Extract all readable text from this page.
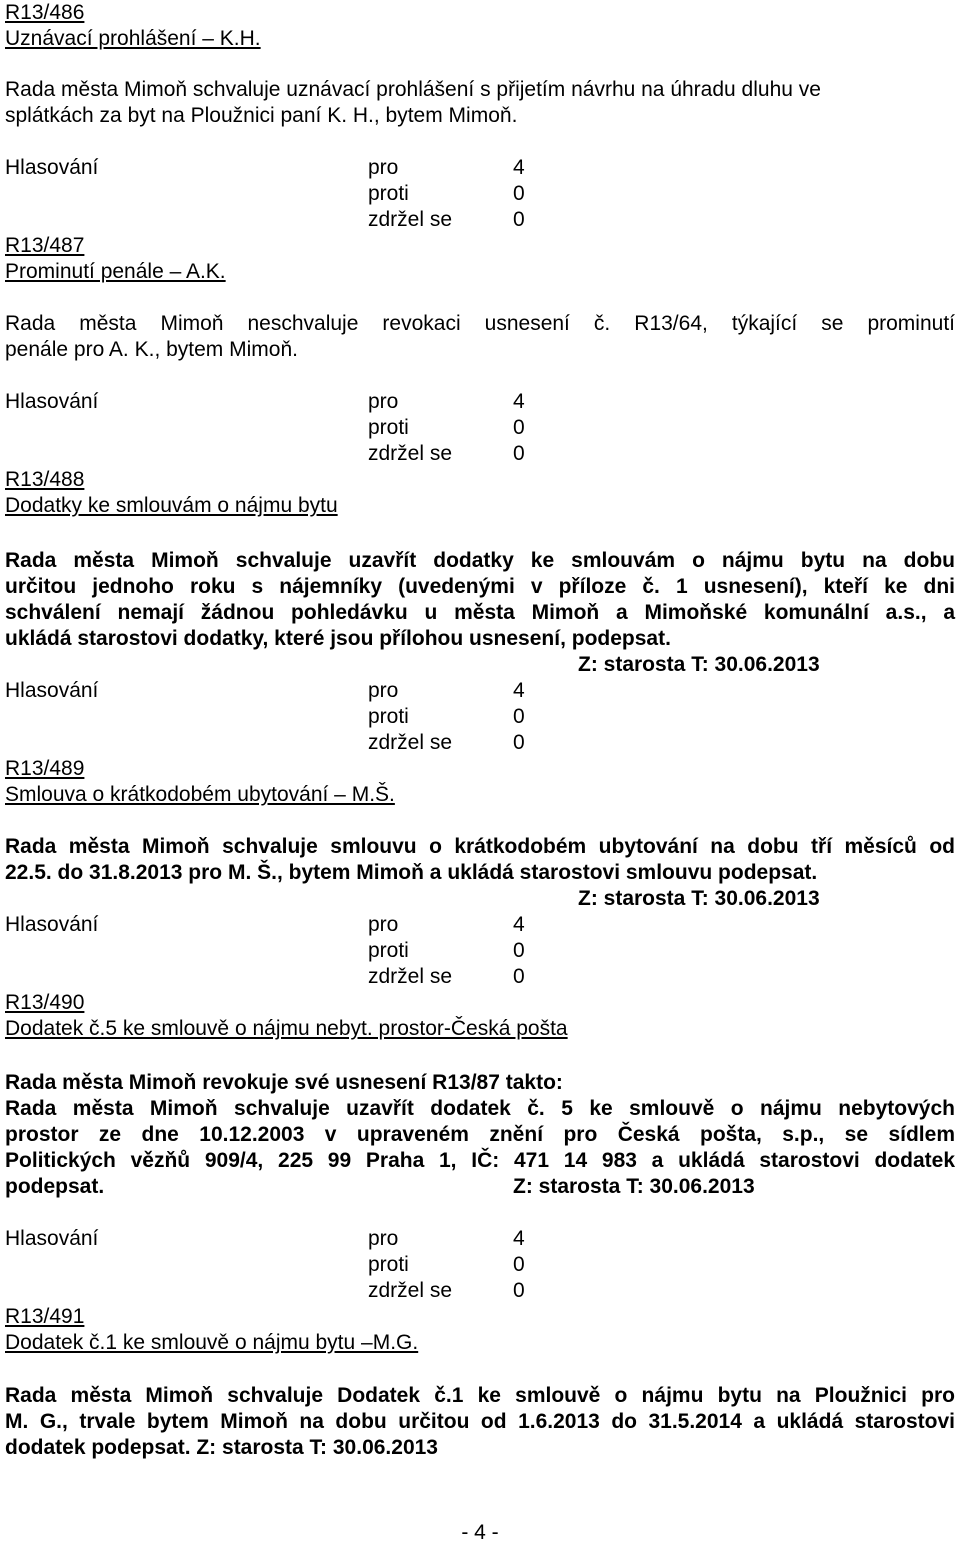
R13/486
Uznávací prohlášení – K.H.
Rada města Mimoň schvaluje uznávací prohlášení s přijetím návrhu na úhradu dluhu ve
splátkách za byt na Ploužnici paní K. H., bytem Mimoň.
Hlasování	pro	4
proti	0
zdržel se	0
R13/487
Prominutí penále – A.K.
Rada města Mimoň neschvaluje revokaci usnesení č. R13/64, týkající se prominutí
penále pro A. K., bytem Mimoň.
Hlasování	pro	4
proti	0
zdržel se	0
R13/488
Dodatky ke smlouvám o nájmu bytu
Rada města Mimoň schvaluje uzavřít dodatky ke smlouvám o nájmu bytu na dobu
určitou jednoho roku s nájemníky (uvedenými v příloze č. 1 usnesení), kteří ke dni
schválení nemají žádnou pohledávku u města Mimoň a Mimoňské komunální a.s., a
ukládá starostovi dodatky, které jsou přílohou usnesení, podepsat.
Z: starosta T: 30.06.2013
Hlasování	pro	4
proti	0
zdržel se	0
R13/489
Smlouva o krátkodobém ubytování – M.Š.
Rada města Mimoň schvaluje smlouvu o krátkodobém ubytování na dobu tří měsíců od
22.5. do 31.8.2013 pro M. Š., bytem Mimoň a ukládá starostovi smlouvu podepsat.
Z: starosta T: 30.06.2013
Hlasování	pro	4
proti	0
zdržel se	0
R13/490
Dodatek č.5 ke smlouvě o nájmu nebyt. prostor-Česká pošta
Rada města Mimoň revokuje své usnesení R13/87 takto:
Rada města Mimoň schvaluje uzavřít dodatek č. 5 ke smlouvě o nájmu nebytových
prostor ze dne 10.12.2003 v upraveném znění pro Česká pošta, s.p., se sídlem
Politických vězňů 909/4, 225 99 Praha 1, IČ: 471 14 983 a ukládá starostovi dodatek
podepsat.	Z: starosta T: 30.06.2013
Hlasování	pro	4
proti	0
zdržel se	0
R13/491
Dodatek č.1 ke smlouvě o nájmu bytu –M.G.
Rada města Mimoň schvaluje Dodatek č.1 ke smlouvě o nájmu bytu na Ploužnici pro
M. G., trvale bytem Mimoň na dobu určitou od 1.6.2013 do 31.5.2014 a ukládá starostovi
dodatek podepsat. Z: starosta T: 30.06.2013
- 4 -
